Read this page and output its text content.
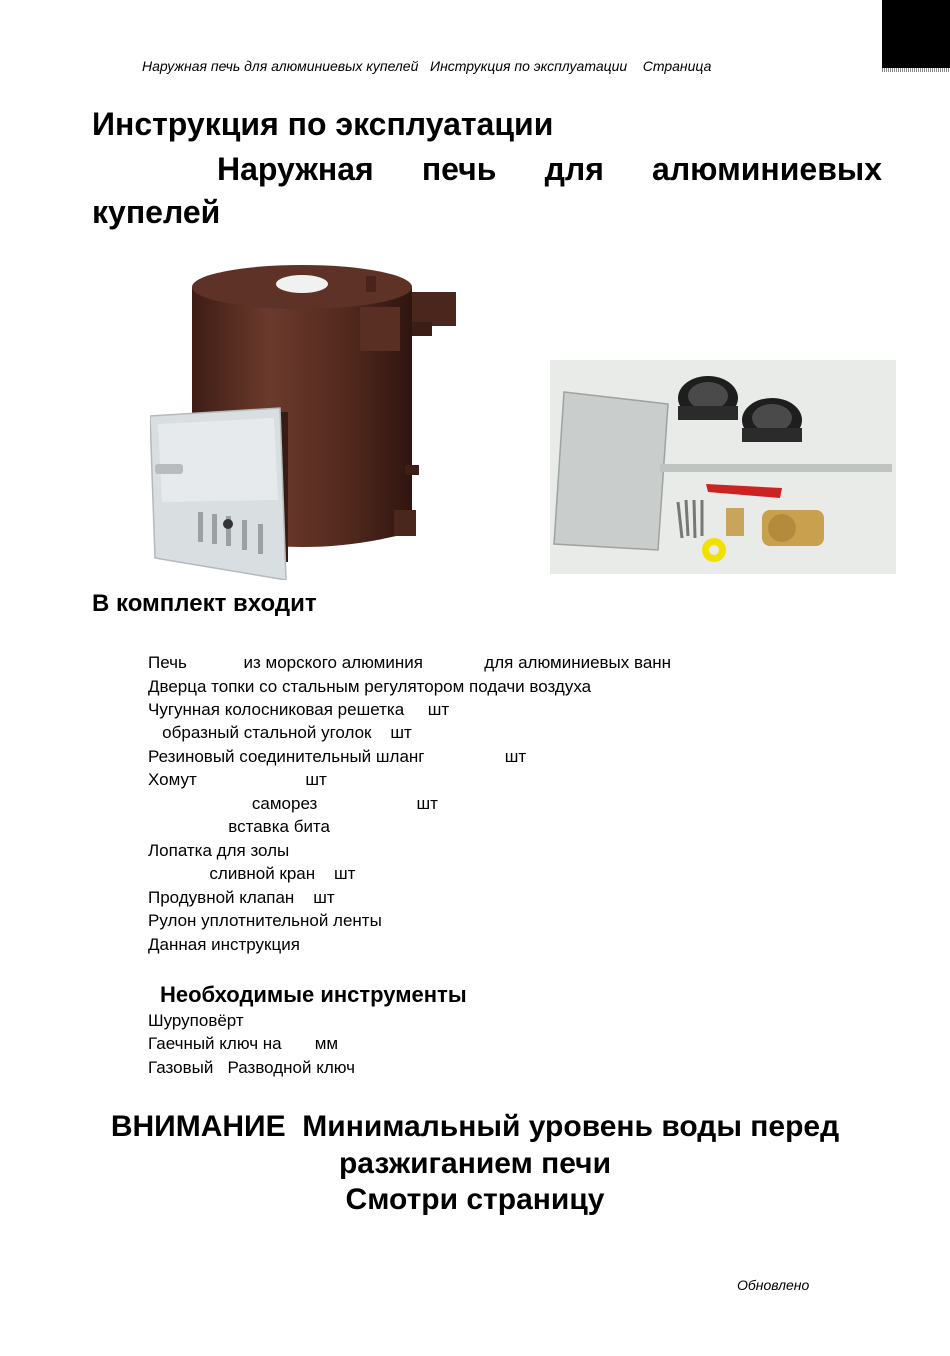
Наружная печь для алюминиевых купелей   Инструкция по эксплуатации    Страница
Инструкция по эксплуатации
Наружная печь для алюминиевых купелей
В комплект входит
Печь            из морского алюминия             для алюминиевых ванн
Дверца топки со стальным регулятором подачи воздуха
Чугунная колосниковая решетка     шт
образный стальной уголок    шт
Резиновый соединительный шланг                 шт
Хомут                       шт
саморез                     шт
вставка бита
Лопатка для золы
сливной кран    шт
Продувной клапан    шт
Рулон уплотнительной ленты
Данная инструкция
Необходимые инструменты
Шуруповёрт
Гаечный ключ на       мм
Газовый   Разводной ключ
ВНИМАНИЕ  Минимальный уровень воды перед
разжиганием печи
Смотри страницу
Обновлено
